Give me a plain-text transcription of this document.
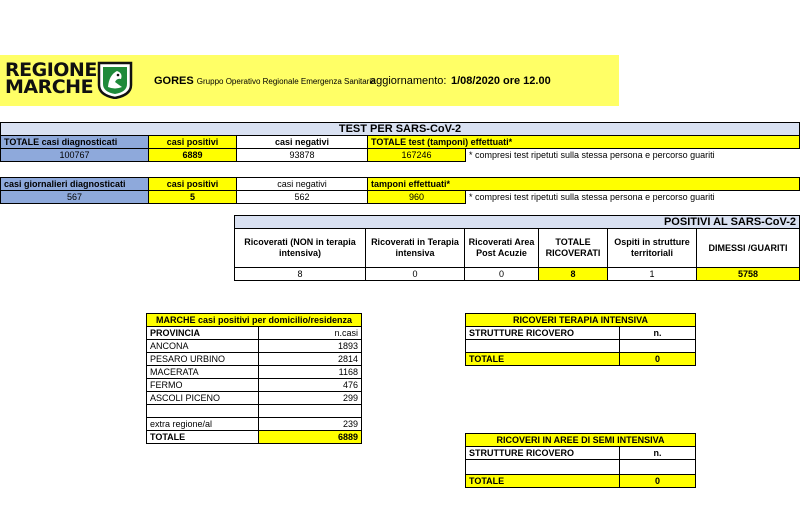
REGIONE
MARCHE	GORES Gruppo Operativo Regionale Emergenza Sanitaria
aggiornamento: 1/08/2020 ore 12.00
TEST PER SARS-CoV-2				
TOTALE casi diagnosticati	casi positivi	casi negativi	TOTALE test (tamponi) effettuati*	
100767	6889	93878	167246	* compresi test ripetuti sulla stessa persona e percorso guariti
casi giornalieri diagnosticati	casi positivi	casi negativi	tamponi effettuati*	
567	5	562	960	* compresi test ripetuti sulla stessa persona e percorso guariti
POSITIVI AL SARS-CoV-2					
Ricoverati (NON in terapia intensiva)	Ricoverati in Terapia intensiva	Ricoverati Area Post Acuzie	TOTALE RICOVERATI	Ospiti in strutture territoriali	DIMESSI /GUARITI
8	0	0	8	1	5758
MARCHE casi positivi per domicilio/residenza	
PROVINCIA	n.casi
ANCONA	1893
PESARO URBINO	2814
MACERATA	1168
FERMO	476
ASCOLI PICENO	299

extra regione/al	239
TOTALE	6889
RICOVERI TERAPIA INTENSIVA	
STRUTTURE RICOVERO	n.

TOTALE	0
RICOVERI IN AREE DI SEMI INTENSIVA	
STRUTTURE RICOVERO	n.

TOTALE	0
